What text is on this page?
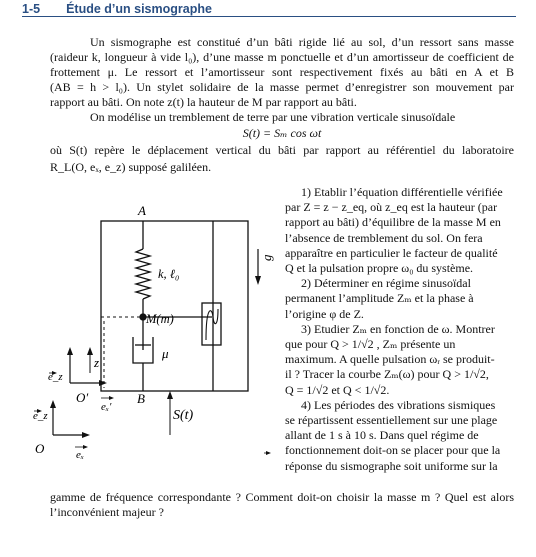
1-5 Étude d’un sismographe

Un sismographe est constitué d’un bâti rigide lié au sol, d’un ressort sans masse

(raideur k, longueur à vide l₀), d’une masse m ponctuelle et d’un amortisseur de coefficient de

frottement μ. Le ressort et l’amortisseur sont respectivement fixés au bâti en A et B

(AB = h > l₀). Un stylet solidaire de la masse permet d’enregistrer son mouvement par

rapport au bâti. On note z(t) la hauteur de M par rapport au bâti.

On modélise un tremblement de terre par une vibration verticale sinusoïdale

S(t) = Sₘ cos ωt

où S(t) repère le déplacement vertical du bâti par rapport au référentiel du laboratoire

R_L(O, eₓ, e_z) supposé galiléen.

A
k, ℓ₀
M(m)
μ
B
z
e_z
O′
eₓ′
e_z
O	eₓ
S(t)
g

1) Etablir l’équation différentielle vérifiée
par Z = z − z_eq, où z_eq est la hauteur (par
rapport au bâti) d’équilibre de la masse M en
l’absence de tremblement du sol. On fera
apparaître en particulier le facteur de qualité
Q et la pulsation propre ω₀ du système.

2) Déterminer en régime sinusoïdal
permanent l’amplitude Zₘ et la phase à
l’origine φ de Z.

3) Etudier Zₘ en fonction de ω. Montrer
que pour Q > 1/√2 , Zₘ présente un
maximum. A quelle pulsation ωᵣ se produit-
il ? Tracer la courbe Zₘ(ω) pour Q > 1/√2,
Q = 1/√2 et Q < 1/√2.

4) Les périodes des vibrations sismiques
se répartissent essentiellement sur une plage
allant de 1 s à 10 s. Dans quel régime de
fonctionnement doit-on se placer pour que la
réponse du sismographe soit uniforme sur la

gamme de fréquence correspondante ? Comment doit-on choisir la masse m ? Quel est alors

l’inconvénient majeur ?
